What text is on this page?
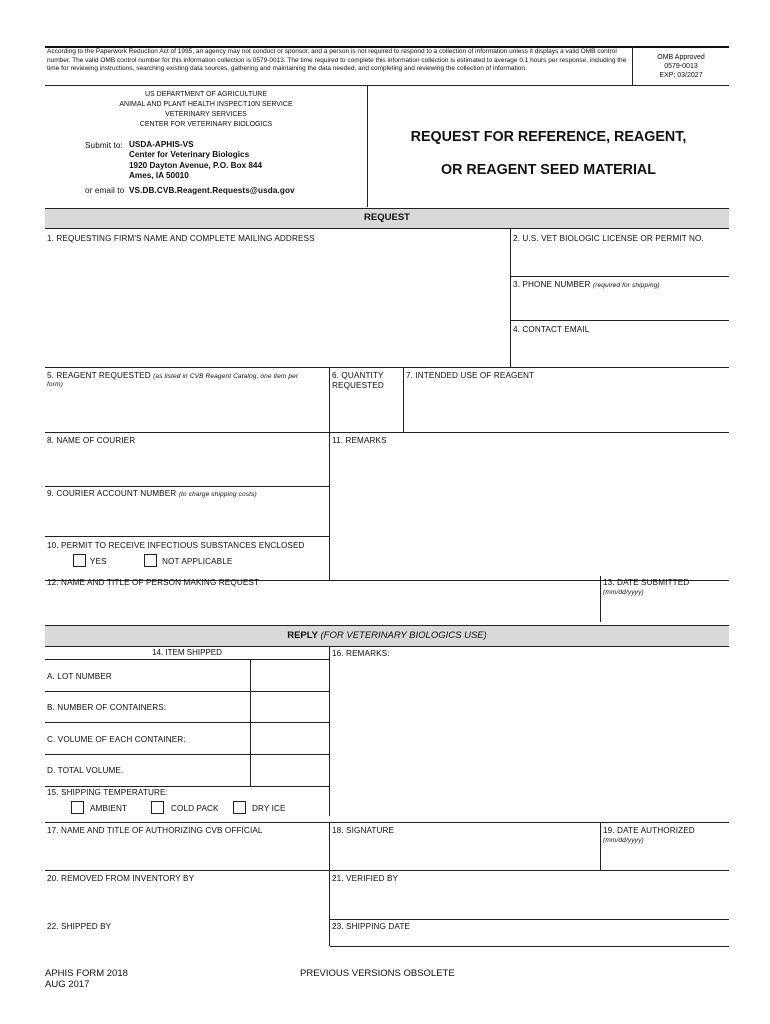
According to the Paperwork Reduction Act of 1995, an agency may not conduct or sponsor, and a person is not required to respond to a collection of information unless it displays a valid OMB control number. The valid OMB control number for this information collection is 0579-0013. The time required to complete this information collection is estimated to average 0.1 hours per response, including the time for reviewing instructions, searching existing data sources, gathering and maintaining the data needed, and completing and reviewing the collection of information.
OMB Approved
0579-0013
EXP: 03/2027
US DEPARTMENT OF AGRICULTURE
ANIMAL AND PLANT HEALTH INSPECT10N SERVICE
VETERINARY SERVICES
CENTER FOR VETERINARY BIOLOGICS
Submit to: USDA-APHIS-VS
Center for Veterinary Biologics
1920 Dayton Avenue, P.O. Box 844
Ames, IA 50010
or email to VS.DB.CVB.Reagent.Requests@usda.gov
REQUEST FOR REFERENCE, REAGENT,
OR REAGENT SEED MATERIAL
REQUEST
1. REQUESTING FIRM'S NAME AND COMPLETE MAILING ADDRESS	2. U.S. VET BIOLOGIC LICENSE OR PERMIT NO.
3. PHONE NUMBER (required for shipping)
4. CONTACT EMAIL
5. REAGENT REQUESTED (as listed in CVB Reagent Catalog, one item per
form)
6. QUANTITY
REQUESTED
7. INTENDED USE OF REAGENT
8. NAME OF COURIER	11. REMARKS
9. COURIER ACCOUNT NUMBER (to charge shipping costs)
10. PERMIT TO RECEIVE INFECTIOUS SUBSTANCES ENCLOSED
YES	NOT APPLICABLE
12. NAME AND TITLE OF PERSON MAKING REQUEST	13. DATE SUBMITTED
(mm/dd/yyyy)
REPLY (FOR VETERINARY BIOLOGICS USE)
14. ITEM SHIPPED	16. REMARKS:
A. LOT NUMBER
B. NUMBER OF CONTAINERS:
C. VOLUME OF EACH CONTAINER:
D. TOTAL VOLUME.
15. SHIPPING TEMPERATURE:
AMBIENT	COLD PACK	DRY ICE
17. NAME AND TITLE OF AUTHORIZING CVB OFFICIAL	18. SIGNATURE	19. DATE AUTHORIZED
(mm/dd/yyyy)
20. REMOVED FROM INVENTORY BY	21. VERIFIED BY
22. SHIPPED BY	23. SHIPPING DATE
APHIS FORM 2018
AUG 2017
PREVIOUS VERSIONS OBSOLETE
